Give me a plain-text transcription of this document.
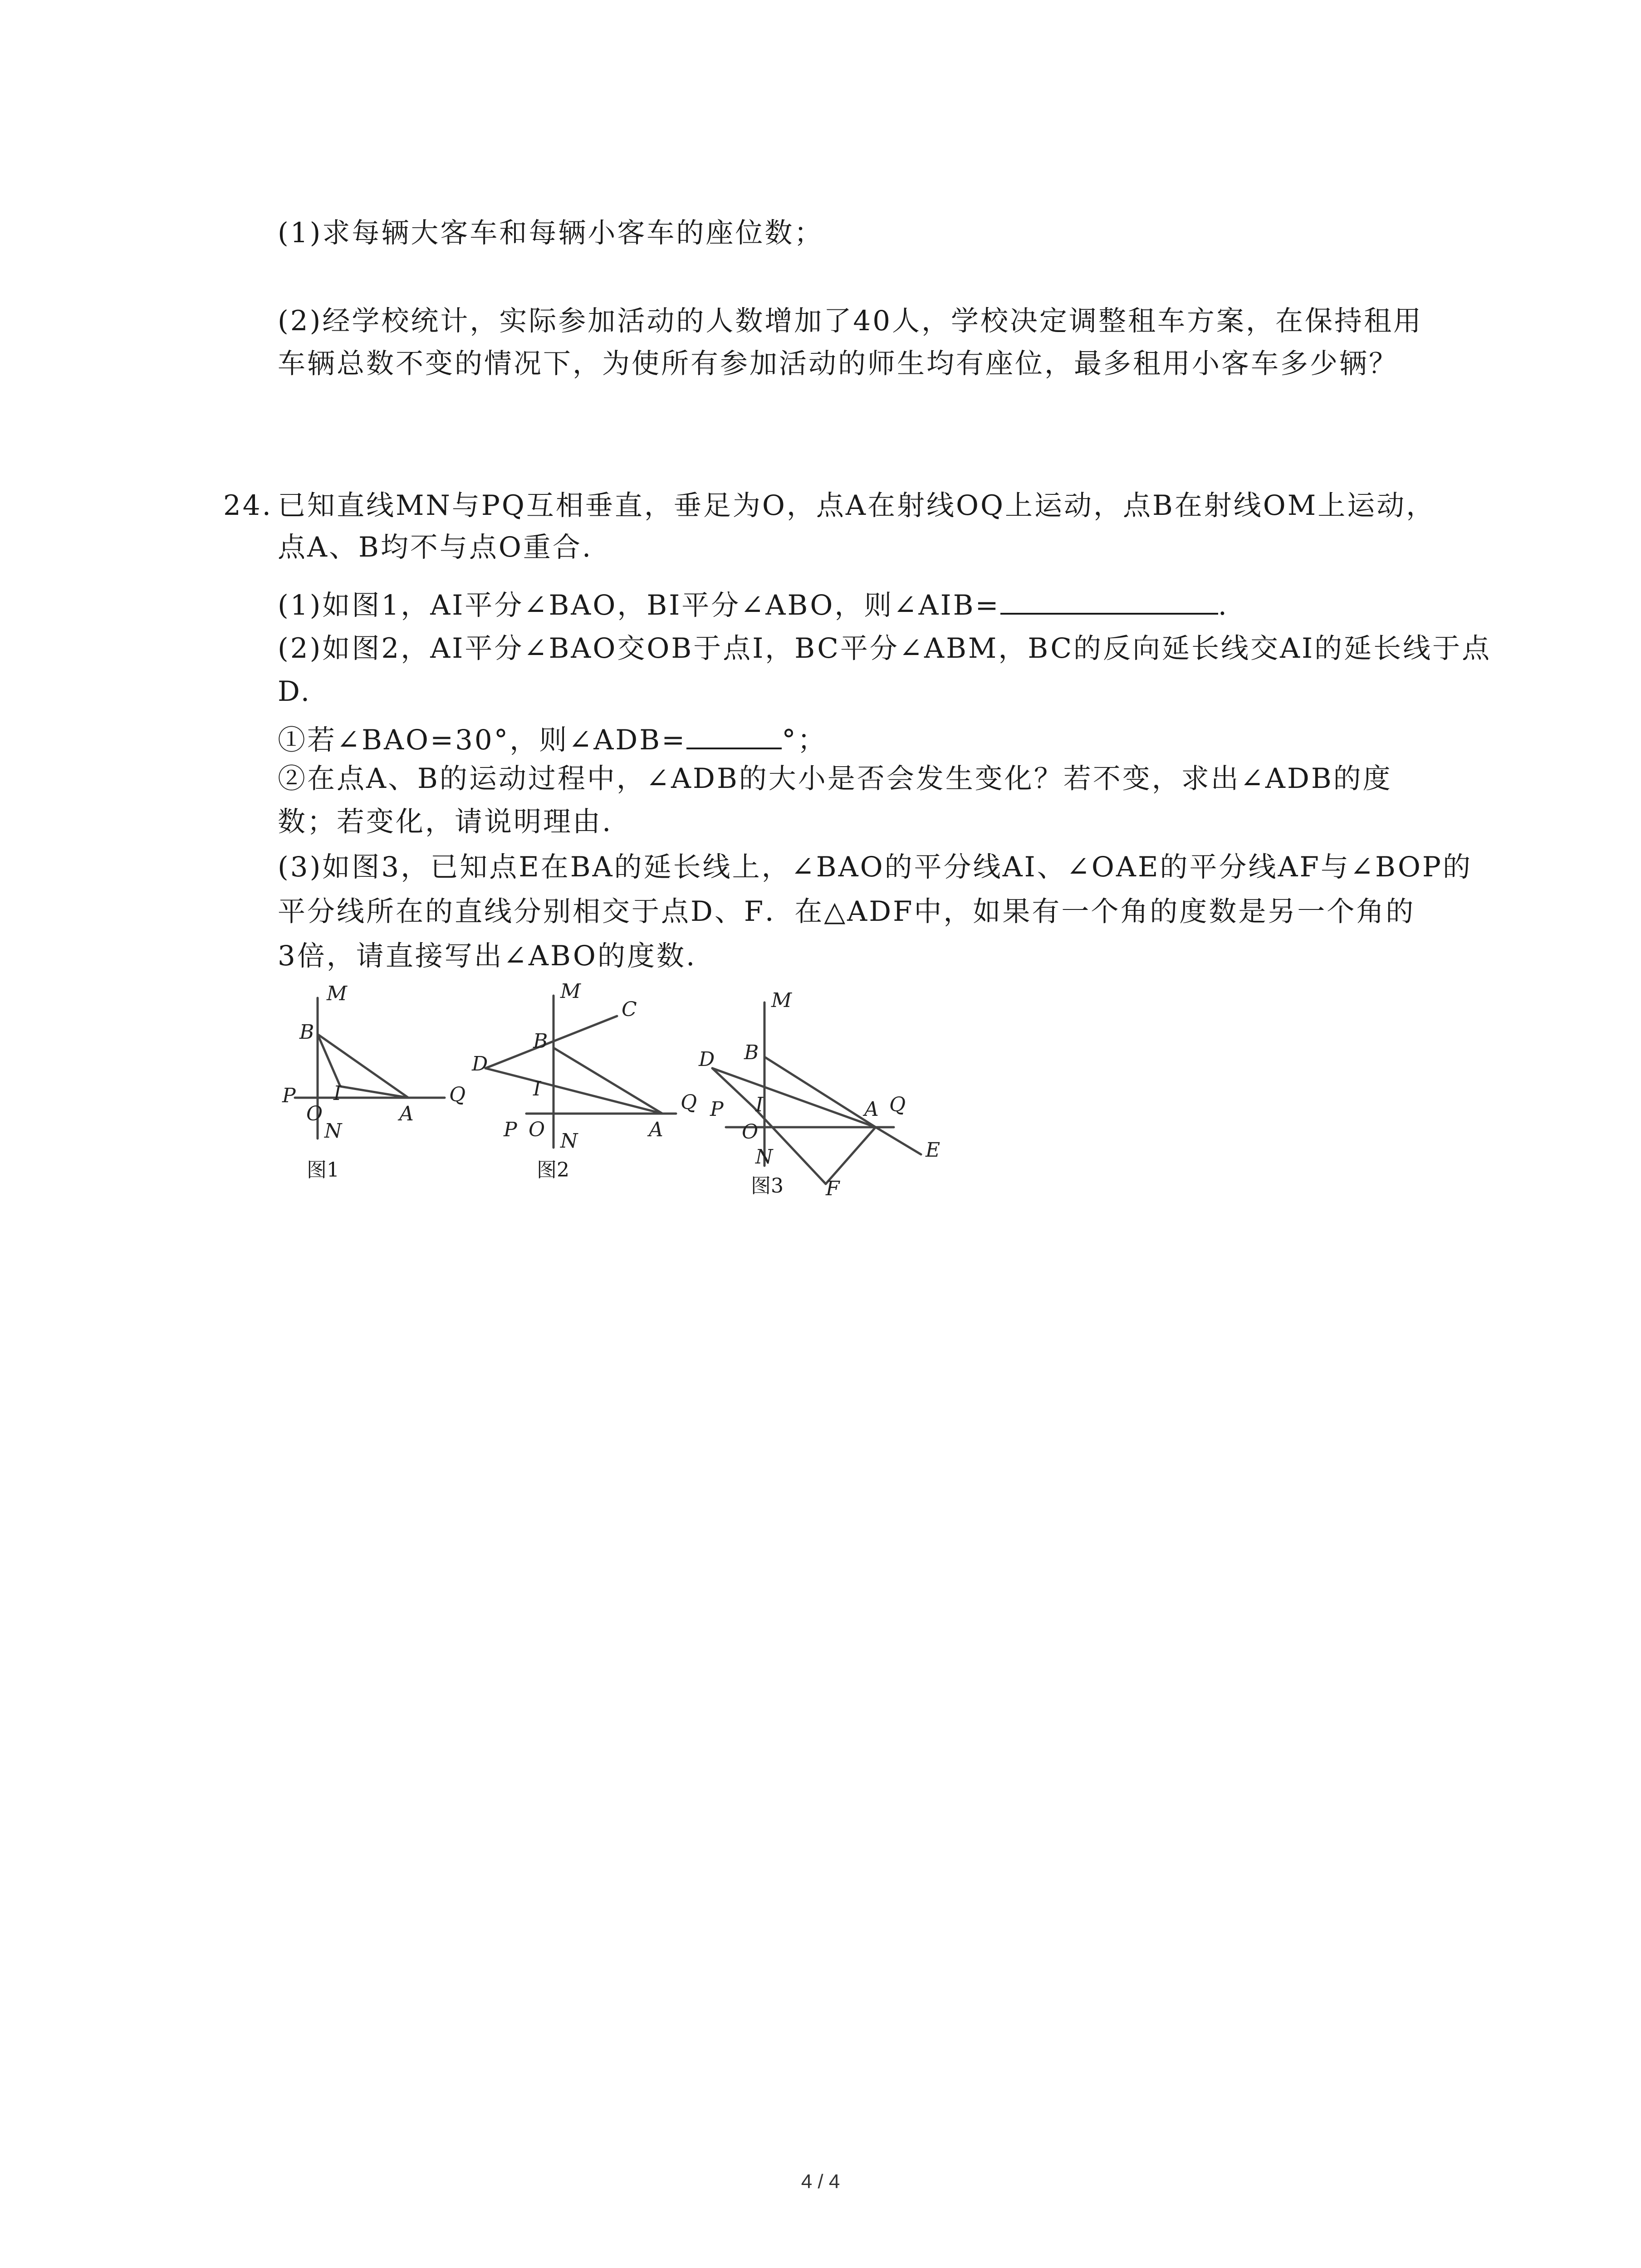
(1)求每辆大客车和每辆小客车的座位数；
(2)经学校统计，实际参加活动的人数增加了40人，学校决定调整租车方案，在保持租用
车辆总数不变的情况下，为使所有参加活动的师生均有座位，最多租用小客车多少辆？
24. 已知直线MN与PQ互相垂直，垂足为O，点A在射线OQ上运动，点B在射线OM上运动，
点A、B均不与点O重合.
(1)如图1，AI平分∠BAO，BI平分∠ABO，则∠AIB=	.
(2)如图2，AI平分∠BAO交OB于点I，BC平分∠ABM，BC的反向延长线交AI的延长线于点
D.
①若∠BAO=30°，则∠ADB=	°；
②在点A、B的运动过程中，∠ADB的大小是否会发生变化？若不变，求出∠ADB的度
数；若变化，请说明理由.
(3)如图3，已知点E在BA的延长线上，∠BAO的平分线AI、∠OAE的平分线AF与∠BOP的
平分线所在的直线分别相交于点D、F．在△ADF中，如果有一个角的度数是另一个角的
3倍，请直接写出∠ABO的度数.
M
B
P I	Q
O	A
N
图1
M
C
B
D
I
Q
P O	A
N
图2
M
D B
P I	A Q
O
E
N
F
图3
4 / 4
